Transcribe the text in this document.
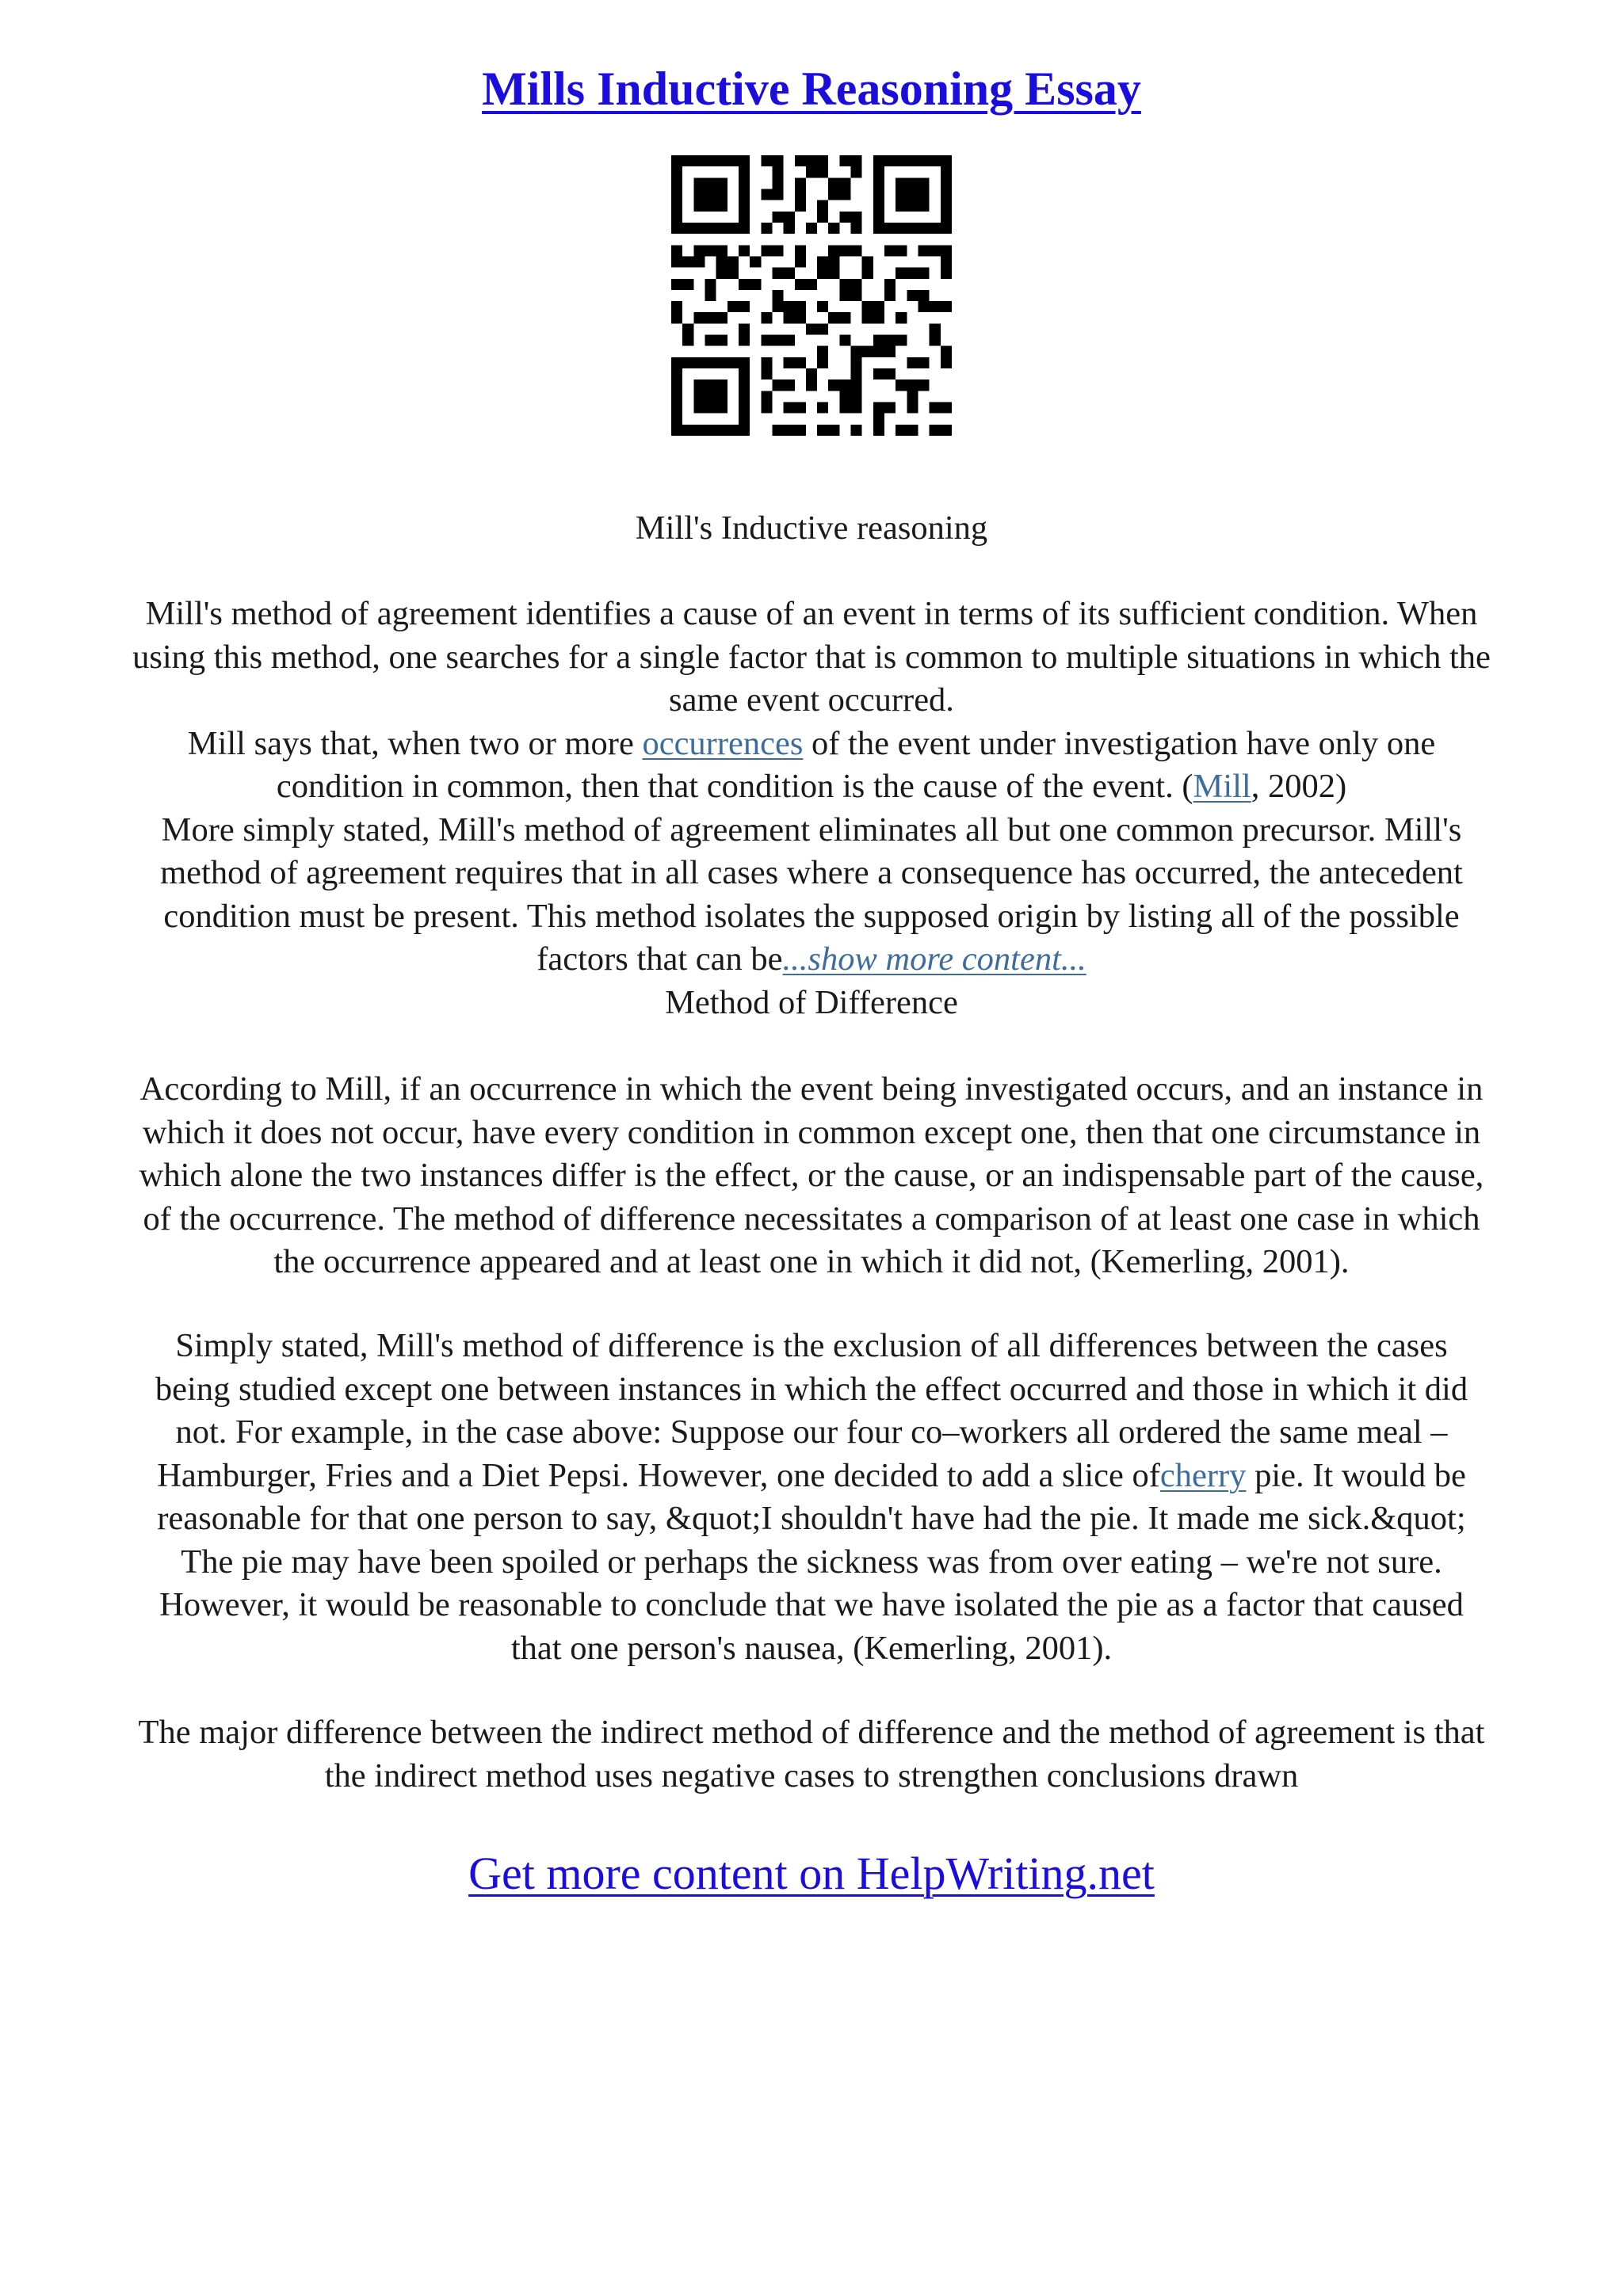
Mills Inductive Reasoning Essay

Mill's Inductive reasoning

Mill's method of agreement identifies a cause of an event in terms of its sufficient condition. When
using this method, one searches for a single factor that is common to multiple situations in which the
same event occurred.
Mill says that, when two or more occurrences of the event under investigation have only one
condition in common, then that condition is the cause of the event. (Mill, 2002)
More simply stated, Mill's method of agreement eliminates all but one common precursor. Mill's
method of agreement requires that in all cases where a consequence has occurred, the antecedent
condition must be present. This method isolates the supposed origin by listing all of the possible
factors that can be...show more content...
Method of Difference

According to Mill, if an occurrence in which the event being investigated occurs, and an instance in
which it does not occur, have every condition in common except one, then that one circumstance in
which alone the two instances differ is the effect, or the cause, or an indispensable part of the cause,
of the occurrence. The method of difference necessitates a comparison of at least one case in which
the occurrence appeared and at least one in which it did not, (Kemerling, 2001).

Simply stated, Mill's method of difference is the exclusion of all differences between the cases
being studied except one between instances in which the effect occurred and those in which it did
not. For example, in the case above: Suppose our four co–workers all ordered the same meal –
Hamburger, Fries and a Diet Pepsi. However, one decided to add a slice ofcherry pie. It would be
reasonable for that one person to say, &quot;I shouldn't have had the pie. It made me sick.&quot;
The pie may have been spoiled or perhaps the sickness was from over eating – we're not sure.
However, it would be reasonable to conclude that we have isolated the pie as a factor that caused
that one person's nausea, (Kemerling, 2001).

The major difference between the indirect method of difference and the method of agreement is that
the indirect method uses negative cases to strengthen conclusions drawn

Get more content on HelpWriting.net
